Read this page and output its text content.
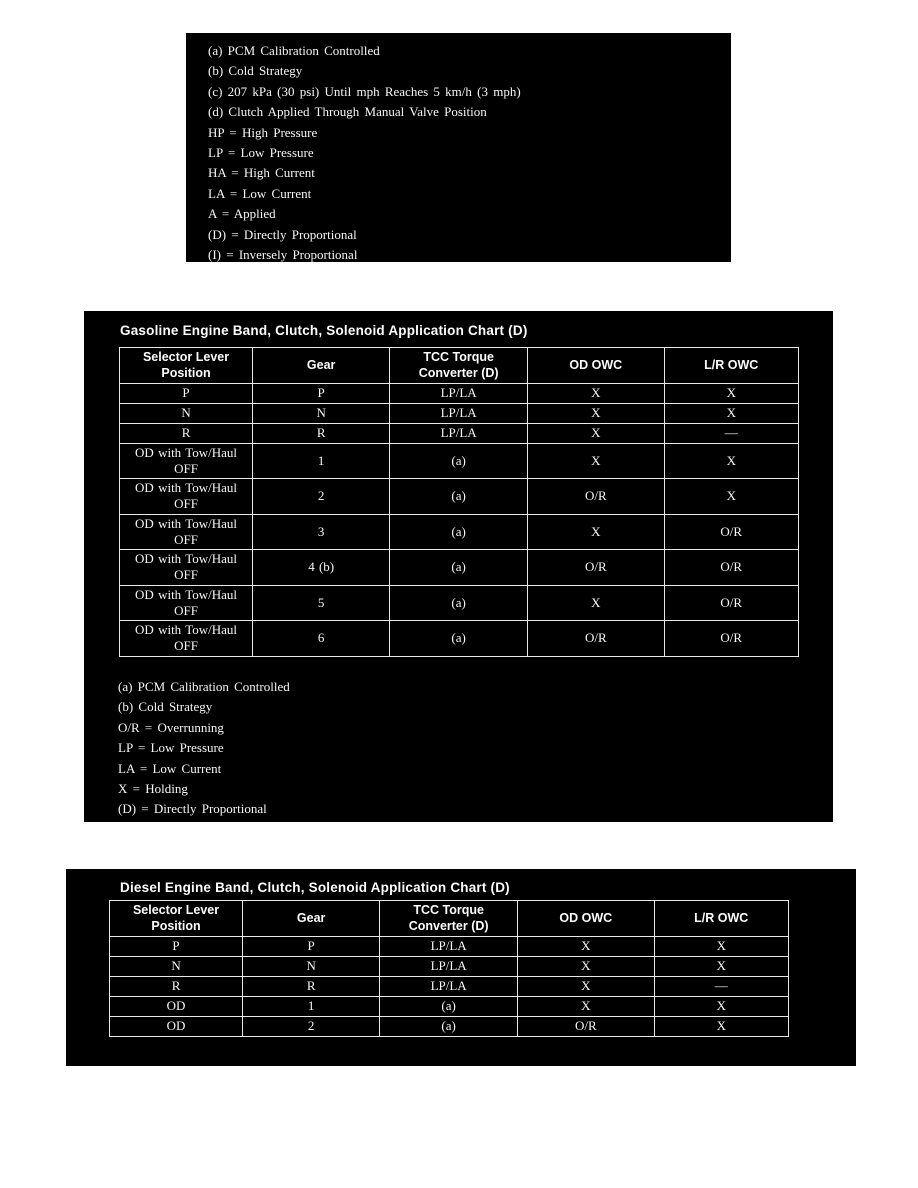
(a) PCM Calibration Controlled
(b) Cold Strategy
(c) 207 kPa (30 psi) Until mph Reaches 5 km/h (3 mph)
(d) Clutch Applied Through Manual Valve Position
HP = High Pressure
LP = Low Pressure
HA = High Current
LA = Low Current
A = Applied
(D) = Directly Proportional
(I) = Inversely Proportional
Gasoline Engine Band, Clutch, Solenoid Application Chart (D)
Selector Lever Position	Gear	TCC Torque Converter (D)	OD OWC	L/R OWC
P	P	LP/LA	X	X
N	N	LP/LA	X	X
R	R	LP/LA	X	—
OD with Tow/Haul OFF	1	(a)	X	X
OD with Tow/Haul OFF	2	(a)	O/R	X
OD with Tow/Haul OFF	3	(a)	X	O/R
OD with Tow/Haul OFF	4 (b)	(a)	O/R	O/R
OD with Tow/Haul OFF	5	(a)	X	O/R
OD with Tow/Haul OFF	6	(a)	O/R	O/R
(a) PCM Calibration Controlled
(b) Cold Strategy
O/R = Overrunning
LP = Low Pressure
LA = Low Current
X = Holding
(D) = Directly Proportional
Diesel Engine Band, Clutch, Solenoid Application Chart (D)
Selector Lever Position	Gear	TCC Torque Converter (D)	OD OWC	L/R OWC
P	P	LP/LA	X	X
N	N	LP/LA	X	X
R	R	LP/LA	X	—
OD	1	(a)	X	X
OD	2	(a)	O/R	X
